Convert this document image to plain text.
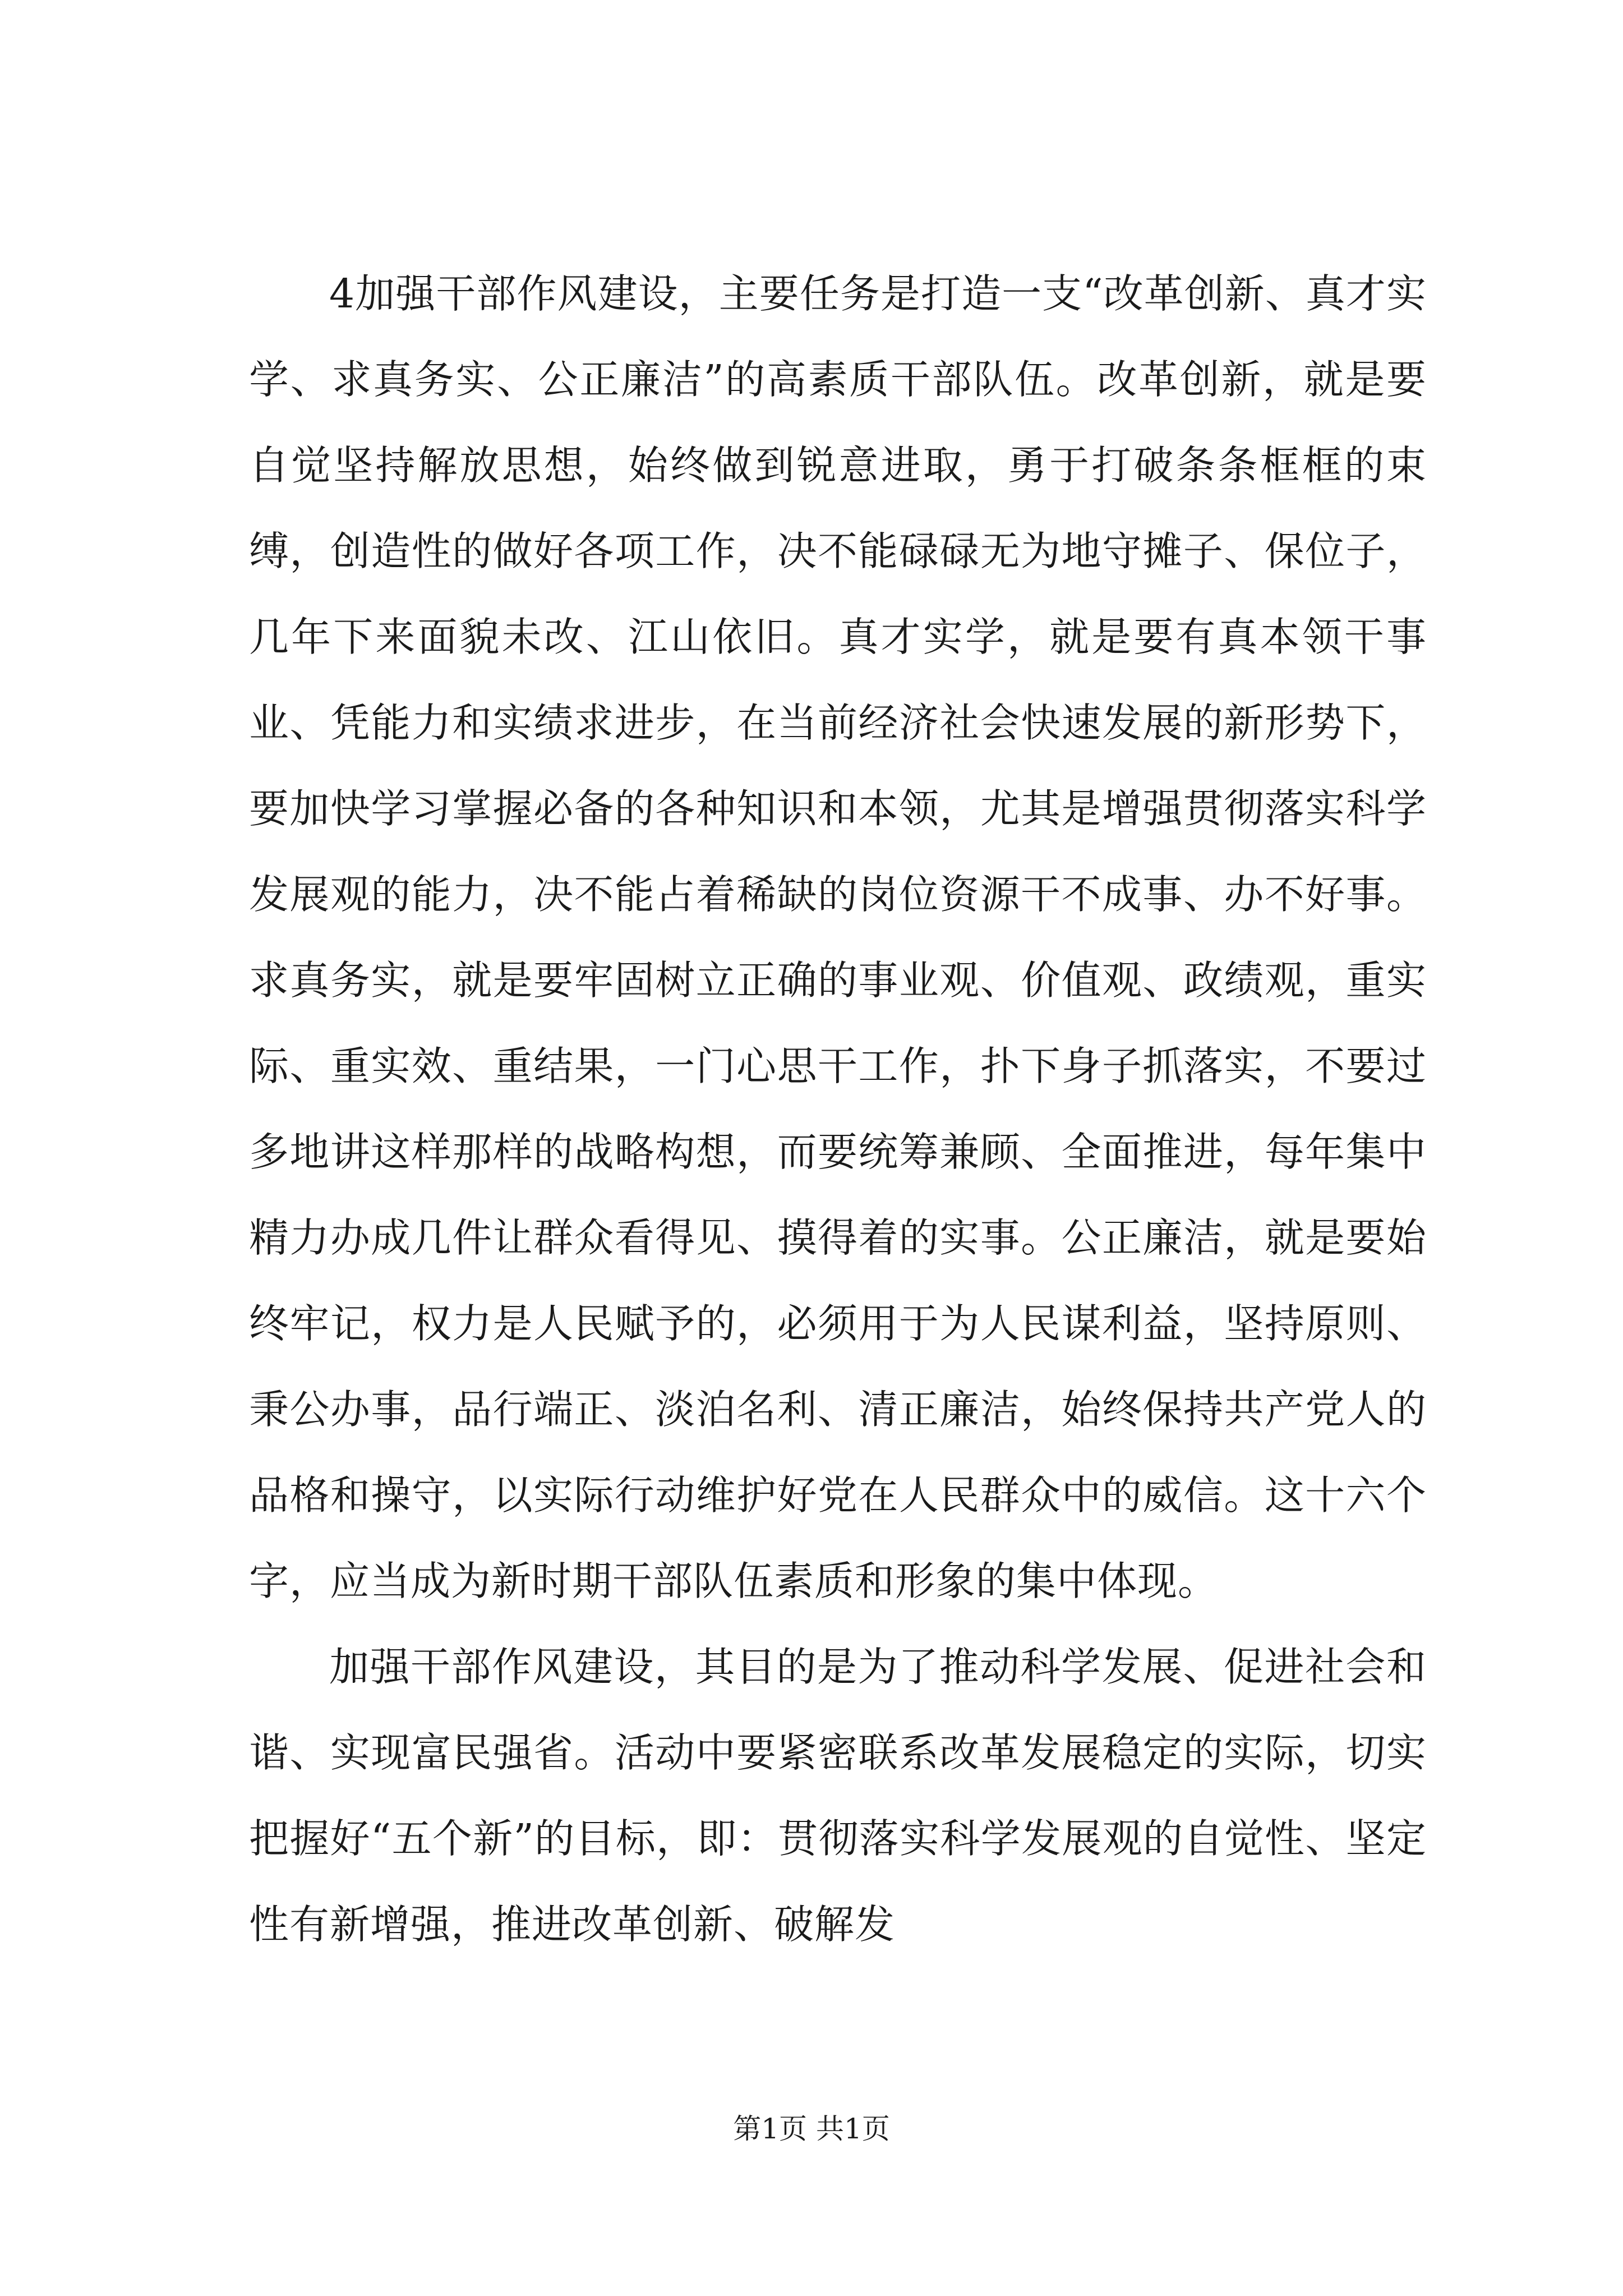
4加强干部作风建设，主要任务是打造一支“改革创新、真才实学、求真务实、公正廉洁”的高素质干部队伍。改革创新，就是要自觉坚持解放思想，始终做到锐意进取，勇于打破条条框框的束缚，创造性的做好各项工作，决不能碌碌无为地守摊子、保位子，几年下来面貌未改、江山依旧。真才实学，就是要有真本领干事业、凭能力和实绩求进步，在当前经济社会快速发展的新形势下，要加快学习掌握必备的各种知识和本领，尤其是增强贯彻落实科学发展观的能力，决不能占着稀缺的岗位资源干不成事、办不好事。求真务实，就是要牢固树立正确的事业观、价值观、政绩观，重实际、重实效、重结果，一门心思干工作，扑下身子抓落实，不要过多地讲这样那样的战略构想，而要统筹兼顾、全面推进，每年集中精力办成几件让群众看得见、摸得着的实事。公正廉洁，就是要始终牢记，权力是人民赋予的，必须用于为人民谋利益，坚持原则、秉公办事，品行端正、淡泊名利、清正廉洁，始终保持共产党人的品格和操守，以实际行动维护好党在人民群众中的威信。这十六个字，应当成为新时期干部队伍素质和形象的集中体现。

加强干部作风建设，其目的是为了推动科学发展、促进社会和谐、实现富民强省。活动中要紧密联系改革发展稳定的实际，切实把握好“五个新”的目标，即：贯彻落实科学发展观的自觉性、坚定性有新增强，推进改革创新、破解发

第1页 共1页
